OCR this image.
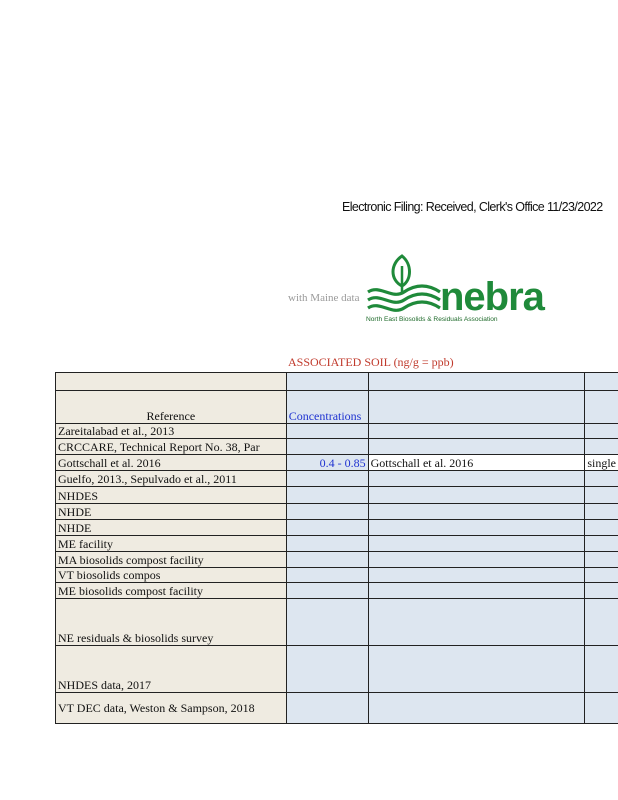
Electronic Filing: Received, Clerk's Office 11/23/2022
with Maine data nebra
North East Biosolids & Residuals Association
ASSOCIATED SOIL (ng/g = ppb)

Reference	Concentrations		
Zareitalabad et al., 2013			
CRCCARE, Technical Report No. 38, Par			
Gottschall et al. 2016	0.4 - 0.85	Gottschall et al. 2016	single
Guelfo, 2013., Sepulvado et al., 2011			
NHDES			
NHDE			
NHDE			
ME facility			
MA biosolids compost facility			
VT biosolids compos			
ME biosolids compost facility			
NE residuals & biosolids survey			
NHDES data, 2017			
VT DEC data, Weston & Sampson, 2018			
